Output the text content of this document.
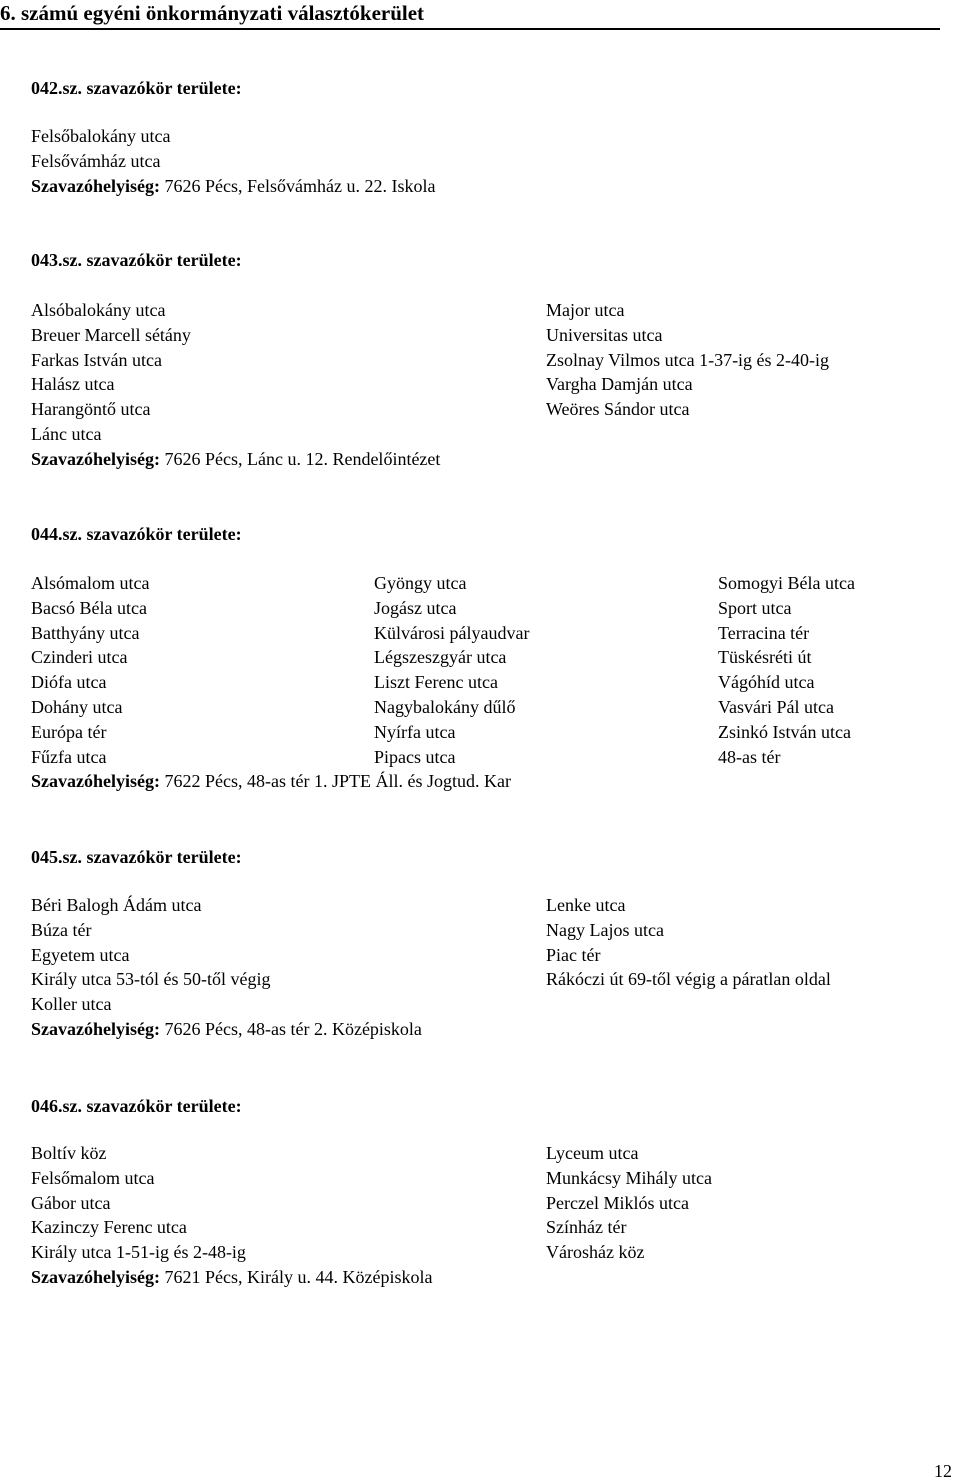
6. számú egyéni önkormányzati választókerület
042.sz. szavazókör területe:
Felsőbalokány utca
Felsővámház utca
Szavazóhelyiség: 7626 Pécs, Felsővámház u. 22. Iskola
043.sz. szavazókör területe:
Alsóbalokány utca
Breuer Marcell sétány
Farkas István utca
Halász utca
Harangöntő utca
Lánc utca
Szavazóhelyiség: 7626 Pécs, Lánc u. 12. Rendelőintézet
Major utca
Universitas utca
Zsolnay Vilmos utca 1-37-ig és 2-40-ig
Vargha Damján utca
Weöres Sándor utca
044.sz. szavazókör területe:
Alsómalom utca
Bacsó Béla utca
Batthyány utca
Czinderi utca
Diófa utca
Dohány utca
Európa tér
Fűzfa utca
Szavazóhelyiség: 7622 Pécs, 48-as tér 1. JPTE Áll. és Jogtud. Kar
Gyöngy utca
Jogász utca
Külvárosi pályaudvar
Légszeszgyár utca
Liszt Ferenc utca
Nagybalokány dűlő
Nyírfa utca
Pipacs utca
Somogyi Béla utca
Sport utca
Terracina tér
Tüskésréti út
Vágóhíd utca
Vasvári Pál utca
Zsinkó István utca
48-as tér
045.sz. szavazókör területe:
Béri Balogh Ádám utca
Búza tér
Egyetem utca
Király utca 53-tól és 50-től végig
Koller utca
Szavazóhelyiség: 7626 Pécs, 48-as tér 2. Középiskola
Lenke utca
Nagy Lajos utca
Piac tér
Rákóczi út 69-től végig a páratlan oldal
046.sz. szavazókör területe:
Boltív köz
Felsőmalom utca
Gábor utca
Kazinczy Ferenc utca
Király utca 1-51-ig és 2-48-ig
Szavazóhelyiség: 7621 Pécs, Király u. 44. Középiskola
Lyceum utca
Munkácsy Mihály utca
Perczel Miklós utca
Színház tér
Városház köz
12
